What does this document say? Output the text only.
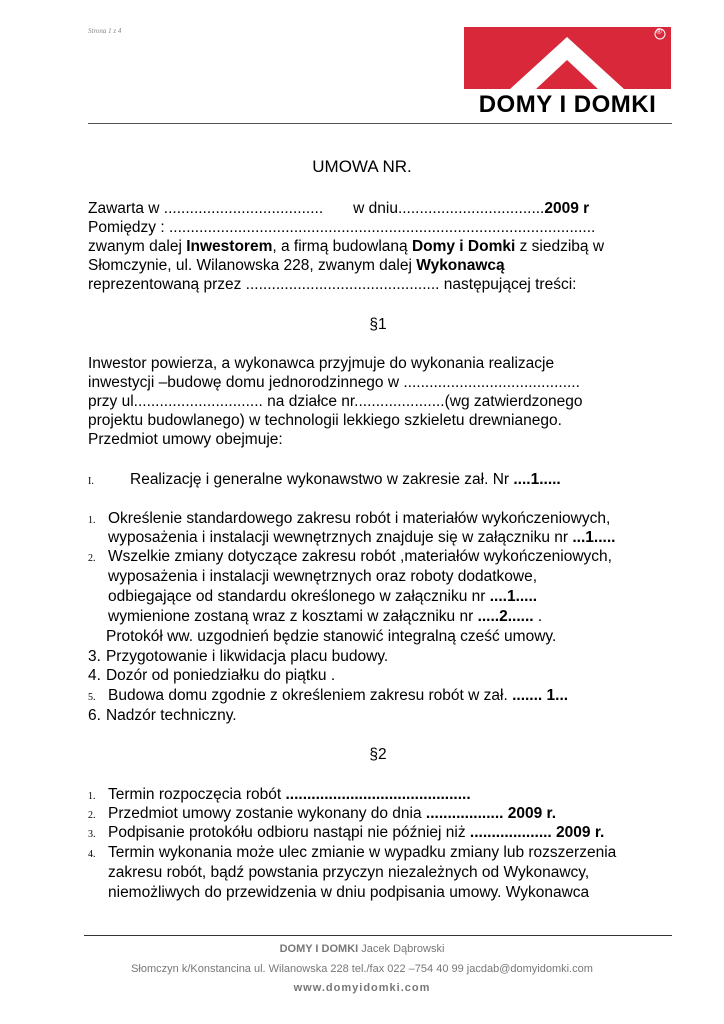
Strona 1 z 4	®
DOMY I DOMKI
UMOWA NR.
Zawarta w ..................................... w dniu..................................2009 r
Pomiędzy : ...................................................................................................
zwanym dalej Inwestorem, a firmą budowlaną Domy i Domki z siedzibą w
Słomczynie, ul. Wilanowska 228, zwanym dalej Wykonawcą
reprezentowaną przez ............................................. następującej treści:
§1
Inwestor powierza, a wykonawca przyjmuje do wykonania realizacje
inwestycji –budowę domu jednorodzinnego w .........................................
przy ul.............................. na działce nr.....................(wg zatwierdzonego
projektu budowlanego) w technologii lekkiego szkieletu drewnianego.
Przedmiot umowy obejmuje:
I. Realizację i generalne wykonawstwo w zakresie zał. Nr ....1.....
1. Określenie standardowego zakresu robót i materiałów wykończeniowych,
wyposażenia i instalacji wewnętrznych znajduje się w załączniku nr ...1.....
2. Wszelkie zmiany dotyczące zakresu robót ,materiałów wykończeniowych,
wyposażenia i instalacji wewnętrznych oraz roboty dodatkowe,
odbiegające od standardu określonego w załączniku nr ....1.....
wymienione zostaną wraz z kosztami w załączniku nr .....2...... .
Protokół ww. uzgodnień będzie stanowić integralną cześć umowy.
3. Przygotowanie i likwidacja placu budowy.
4. Dozór od poniedziałku do piątku .
5. Budowa domu zgodnie z określeniem zakresu robót w zał. ....... 1...
6. Nadzór techniczny.
§2
1. Termin rozpoczęcia robót ...........................................
2. Przedmiot umowy zostanie wykonany do dnia .................. 2009 r.
3. Podpisanie protokółu odbioru nastąpi nie później niż ................... 2009 r.
4. Termin wykonania może ulec zmianie w wypadku zmiany lub rozszerzenia
zakresu robót, bądź powstania przyczyn niezależnych od Wykonawcy,
niemożliwych do przewidzenia w dniu podpisania umowy. Wykonawca
DOMY I DOMKI Jacek Dąbrowski
Słomczyn k/Konstancina ul. Wilanowska 228 tel./fax 022 –754 40 99 jacdab@domyidomki.com
www.domyidomki.com
